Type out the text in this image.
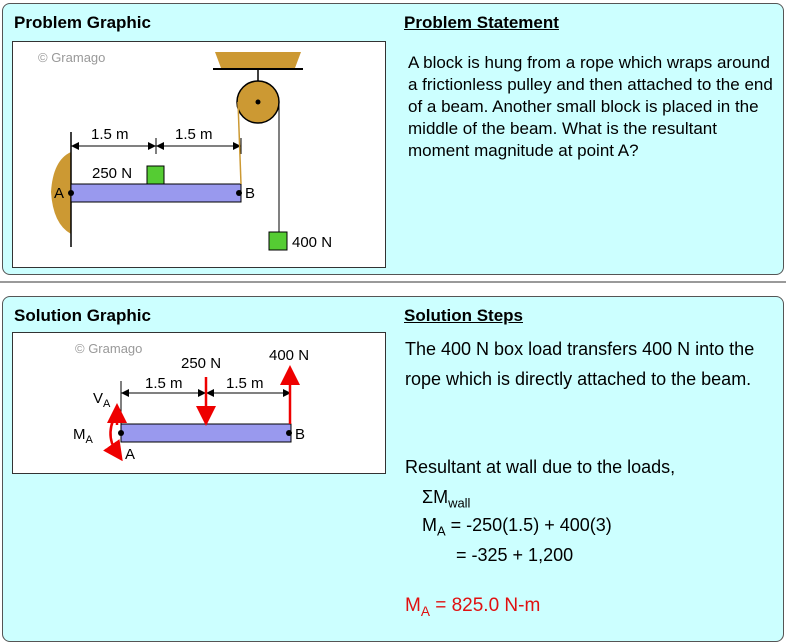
Problem Graphic	Problem Statement
© Gramago
1.5 m	1.5 m
250 N
A	B
400 N
A block is hung from a rope which wraps around a frictionless pulley and then attached to the end of a beam. Another small block is placed in the middle of the beam. What is the resultant moment magnitude at point A?
Solution Graphic	Solution Steps
© Gramago
250 N	400 N
1.5 m	1.5 m
$V_A$
$M_A$
A
B
The 400 N box load transfers 400 N into the rope which is directly attached to the beam.
Resultant at wall due to the loads,
$\Sigma M_{wall}$
$M_A = -250(1.5) + 400(3)$
= -325 + 1,200
$M_A = 825.0$ N-m
